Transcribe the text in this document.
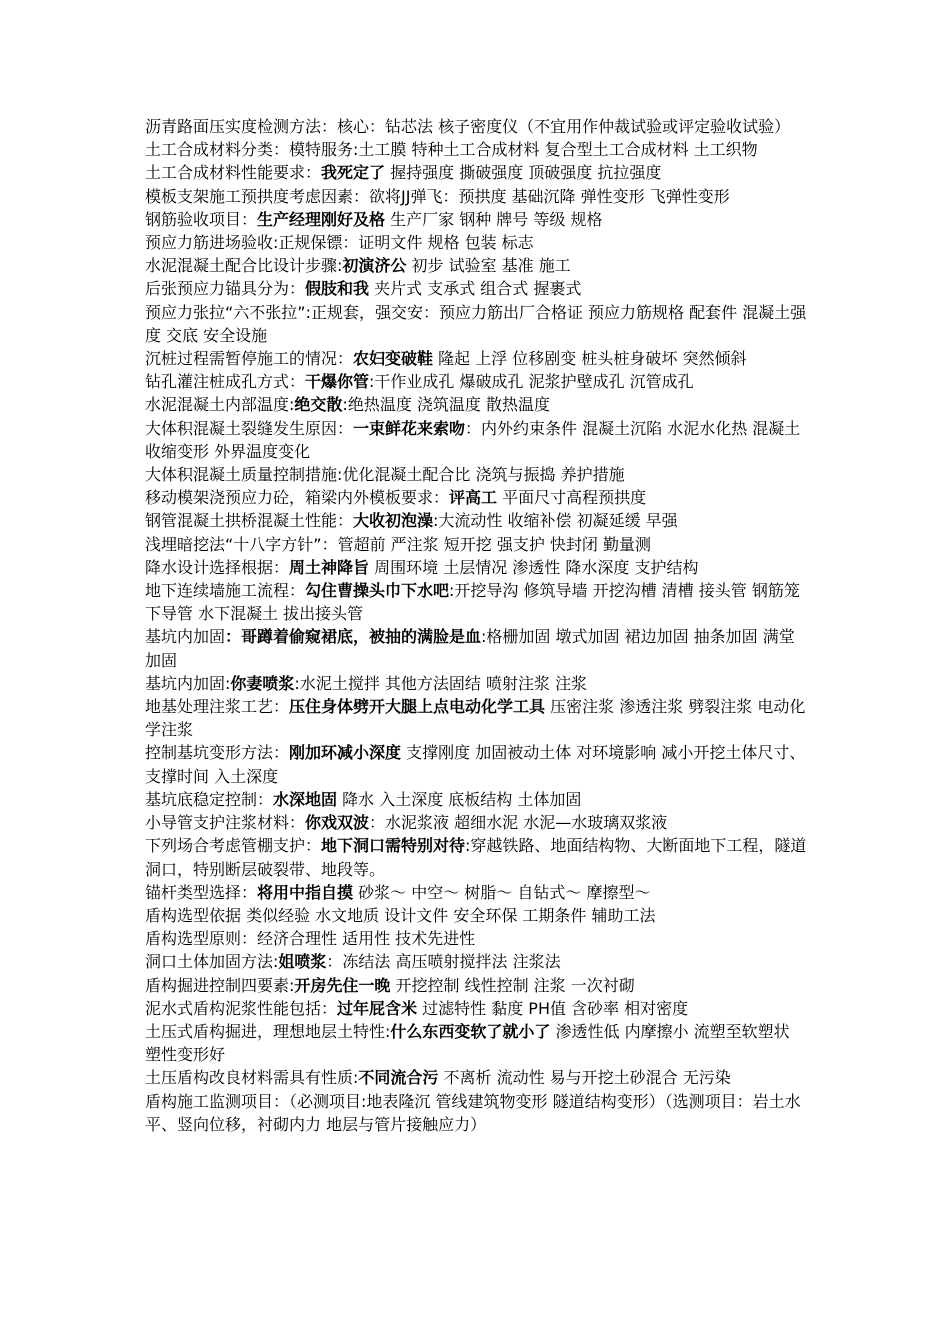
沥青路面压实度检测方法：核心：钻芯法 核子密度仪（不宜用作仲裁试验或评定验收试验）

土工合成材料分类：模特服务:土工膜 特种土工合成材料 复合型土工合成材料 土工织物

土工合成材料性能要求：我死定了 握持强度 撕破强度 顶破强度 抗拉强度

模板支架施工预拱度考虑因素：欲将JJ弹飞：预拱度 基础沉降 弹性变形 飞弹性变形

钢筋验收项目：生产经理刚好及格 生产厂家 钢种 牌号 等级 规格

预应力筋进场验收:正规保镖：证明文件 规格 包装 标志

水泥混凝土配合比设计步骤:初演济公 初步 试验室 基准 施工

后张预应力锚具分为：假肢和我 夹片式 支承式 组合式 握裹式

预应力张拉“六不张拉”:正规套，强交安：预应力筋出厂合格证 预应力筋规格 配套件 混凝土强度 交底 安全设施

沉桩过程需暂停施工的情况：农妇变破鞋 隆起 上浮 位移剧变 桩头桩身破坏 突然倾斜

钻孔灌注桩成孔方式：干爆你管:干作业成孔 爆破成孔 泥浆护壁成孔 沉管成孔

水泥混凝土内部温度:绝交散:绝热温度 浇筑温度 散热温度

大体积混凝土裂缝发生原因：一束鲜花来索吻：内外约束条件 混凝土沉陷 水泥水化热 混凝土收缩变形 外界温度变化

大体积混凝土质量控制措施:优化混凝土配合比 浇筑与振捣 养护措施

移动模架浇预应力砼，箱梁内外模板要求：评高工 平面尺寸高程预拱度

钢管混凝土拱桥混凝土性能：大收初泡澡:大流动性 收缩补偿 初凝延缓 早强

浅埋暗挖法“十八字方针”：管超前 严注浆 短开挖 强支护 快封闭 勤量测

降水设计选择根据：周土神降旨 周围环境 土层情况 渗透性 降水深度 支护结构

地下连续墙施工流程：勾住曹操头巾下水吧:开挖导沟 修筑导墙 开挖沟槽 清槽 接头管 钢筋笼 下导管 水下混凝土 拔出接头管

基坑内加固：哥蹲着偷窥裙底，被抽的满脸是血:格栅加固 墩式加固 裙边加固 抽条加固 满堂加固

基坑内加固:你妻喷浆:水泥土搅拌 其他方法固结 喷射注浆 注浆

地基处理注浆工艺：压住身体劈开大腿上点电动化学工具 压密注浆 渗透注浆 劈裂注浆 电动化学注浆

控制基坑变形方法：刚加环减小深度 支撑刚度 加固被动土体 对环境影响 减小开挖土体尺寸、 支撑时间 入土深度

基坑底稳定控制：水深地固 降水 入土深度 底板结构 土体加固

小导管支护注浆材料：你戏双波：水泥浆液 超细水泥 水泥—水玻璃双浆液

下列场合考虑管棚支护：地下洞口需特别对待:穿越铁路、地面结构物、大断面地下工程，隧道洞口，特别断层破裂带、地段等。

锚杆类型选择：将用中指自摸 砂浆～ 中空～ 树脂～ 自钻式～ 摩擦型～

盾构选型依据 类似经验 水文地质 设计文件 安全环保 工期条件 辅助工法

盾构选型原则：经济合理性 适用性 技术先进性

洞口土体加固方法:姐喷浆：冻结法 高压喷射搅拌法 注浆法

盾构掘进控制四要素:开房先住一晚 开挖控制 线性控制 注浆 一次衬砌

泥水式盾构泥浆性能包括：过年屁含米 过滤特性 黏度 PH值 含砂率 相对密度

土压式盾构掘进，理想地层土特性:什么东西变软了就小了 渗透性低 内摩擦小 流塑至软塑状 塑性变形好

土压盾构改良材料需具有性质:不同流合污 不离析 流动性 易与开挖土砂混合 无污染

盾构施工监测项目：（必测项目:地表隆沉 管线建筑物变形 隧道结构变形）（选测项目：岩土水平、竖向位移，衬砌内力 地层与管片接触应力）
